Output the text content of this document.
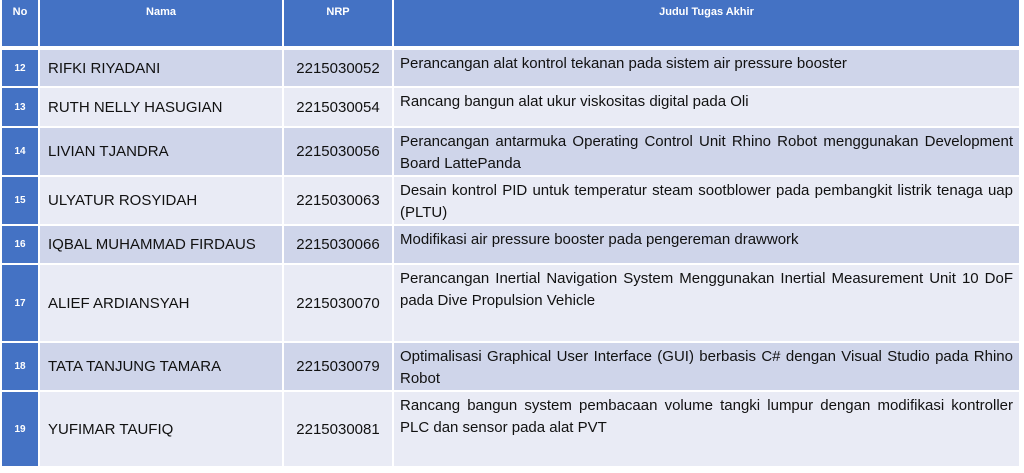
No	Nama	NRP	Judul Tugas Akhir
12	RIFKI RIYADANI	2215030052	Perancangan alat kontrol tekanan pada sistem air pressure booster
13	RUTH NELLY HASUGIAN	2215030054	Rancang bangun alat ukur viskositas digital pada Oli
14	LIVIAN TJANDRA	2215030056	Perancangan antarmuka Operating Control Unit Rhino Robot menggunakan Development Board LattePanda
15	ULYATUR ROSYIDAH	2215030063	Desain kontrol PID untuk temperatur steam sootblower pada pembangkit listrik tenaga uap (PLTU)
16	IQBAL MUHAMMAD FIRDAUS	2215030066	Modifikasi air pressure booster pada pengereman drawwork
17	ALIEF ARDIANSYAH	2215030070	Perancangan Inertial Navigation System Menggunakan Inertial Measurement Unit 10 DoF pada Dive Propulsion Vehicle
18	TATA TANJUNG TAMARA	2215030079	Optimalisasi Graphical User Interface (GUI) berbasis C# dengan Visual Studio pada Rhino Robot
19	YUFIMAR TAUFIQ	2215030081	Rancang bangun system pembacaan volume tangki lumpur dengan modifikasi kontroller PLC dan sensor pada alat PVT
